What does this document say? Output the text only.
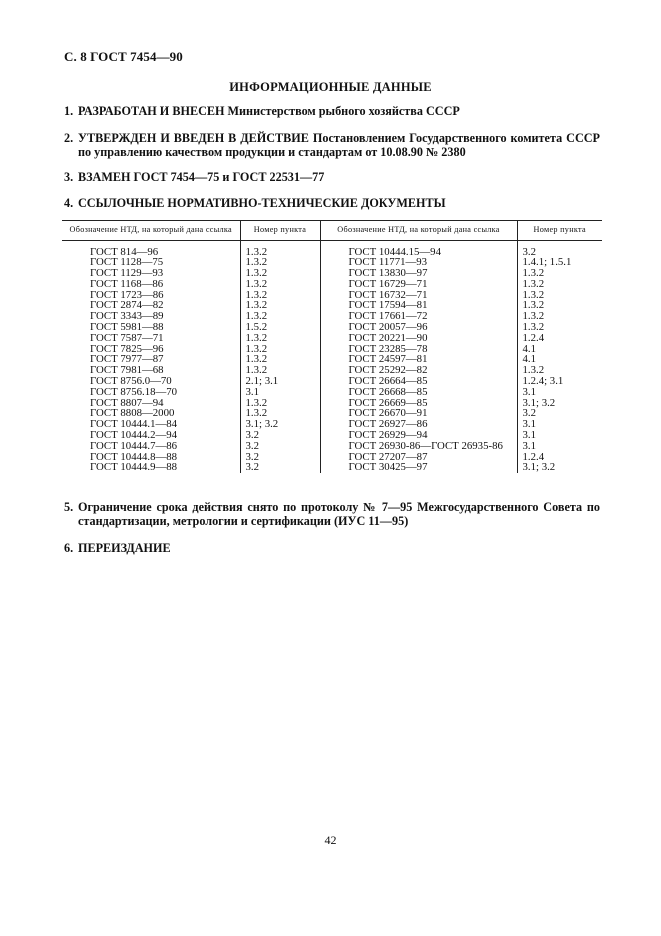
С. 8 ГОСТ 7454—90
ИНФОРМАЦИОННЫЕ ДАННЫЕ
1. РАЗРАБОТАН И ВНЕСЕН Министерством рыбного хозяйства СССР
2. УТВЕРЖДЕН И ВВЕДЕН В ДЕЙСТВИЕ Постановлением Государственного комитета СССР по управлению качеством продукции и стандартам от 10.08.90 № 2380
3. ВЗАМЕН ГОСТ 7454—75 и ГОСТ 22531—77
4. ССЫЛОЧНЫЕ НОРМАТИВНО-ТЕХНИЧЕСКИЕ ДОКУМЕНТЫ
Обозначение НТД, на который дана ссылка	Номер пункта	Обозначение НТД, на который дана ссылка	Номер пункта
ГОСТ 814—96	1.3.2	ГОСТ 10444.15—94	3.2
ГОСТ 1128—75	1.3.2	ГОСТ 11771—93	1.4.1; 1.5.1
ГОСТ 1129—93	1.3.2	ГОСТ 13830—97	1.3.2
ГОСТ 1168—86	1.3.2	ГОСТ 16729—71	1.3.2
ГОСТ 1723—86	1.3.2	ГОСТ 16732—71	1.3.2
ГОСТ 2874—82	1.3.2	ГОСТ 17594—81	1.3.2
ГОСТ 3343—89	1.3.2	ГОСТ 17661—72	1.3.2
ГОСТ 5981—88	1.5.2	ГОСТ 20057—96	1.3.2
ГОСТ 7587—71	1.3.2	ГОСТ 20221—90	1.2.4
ГОСТ 7825—96	1.3.2	ГОСТ 23285—78	4.1
ГОСТ 7977—87	1.3.2	ГОСТ 24597—81	4.1
ГОСТ 7981—68	1.3.2	ГОСТ 25292—82	1.3.2
ГОСТ 8756.0—70	2.1; 3.1	ГОСТ 26664—85	1.2.4; 3.1
ГОСТ 8756.18—70	3.1	ГОСТ 26668—85	3.1
ГОСТ 8807—94	1.3.2	ГОСТ 26669—85	3.1; 3.2
ГОСТ 8808—2000	1.3.2	ГОСТ 26670—91	3.2
ГОСТ 10444.1—84	3.1; 3.2	ГОСТ 26927—86	3.1
ГОСТ 10444.2—94	3.2	ГОСТ 26929—94	3.1
ГОСТ 10444.7—86	3.2	ГОСТ 26930-86—ГОСТ 26935-86	3.1
ГОСТ 10444.8—88	3.2	ГОСТ 27207—87	1.2.4
ГОСТ 10444.9—88	3.2	ГОСТ 30425—97	3.1; 3.2
5. Ограничение срока действия снято по протоколу № 7—95 Межгосударственного Совета по стандартизации, метрологии и сертификации (ИУС 11—95)
6. ПЕРЕИЗДАНИЕ
42
